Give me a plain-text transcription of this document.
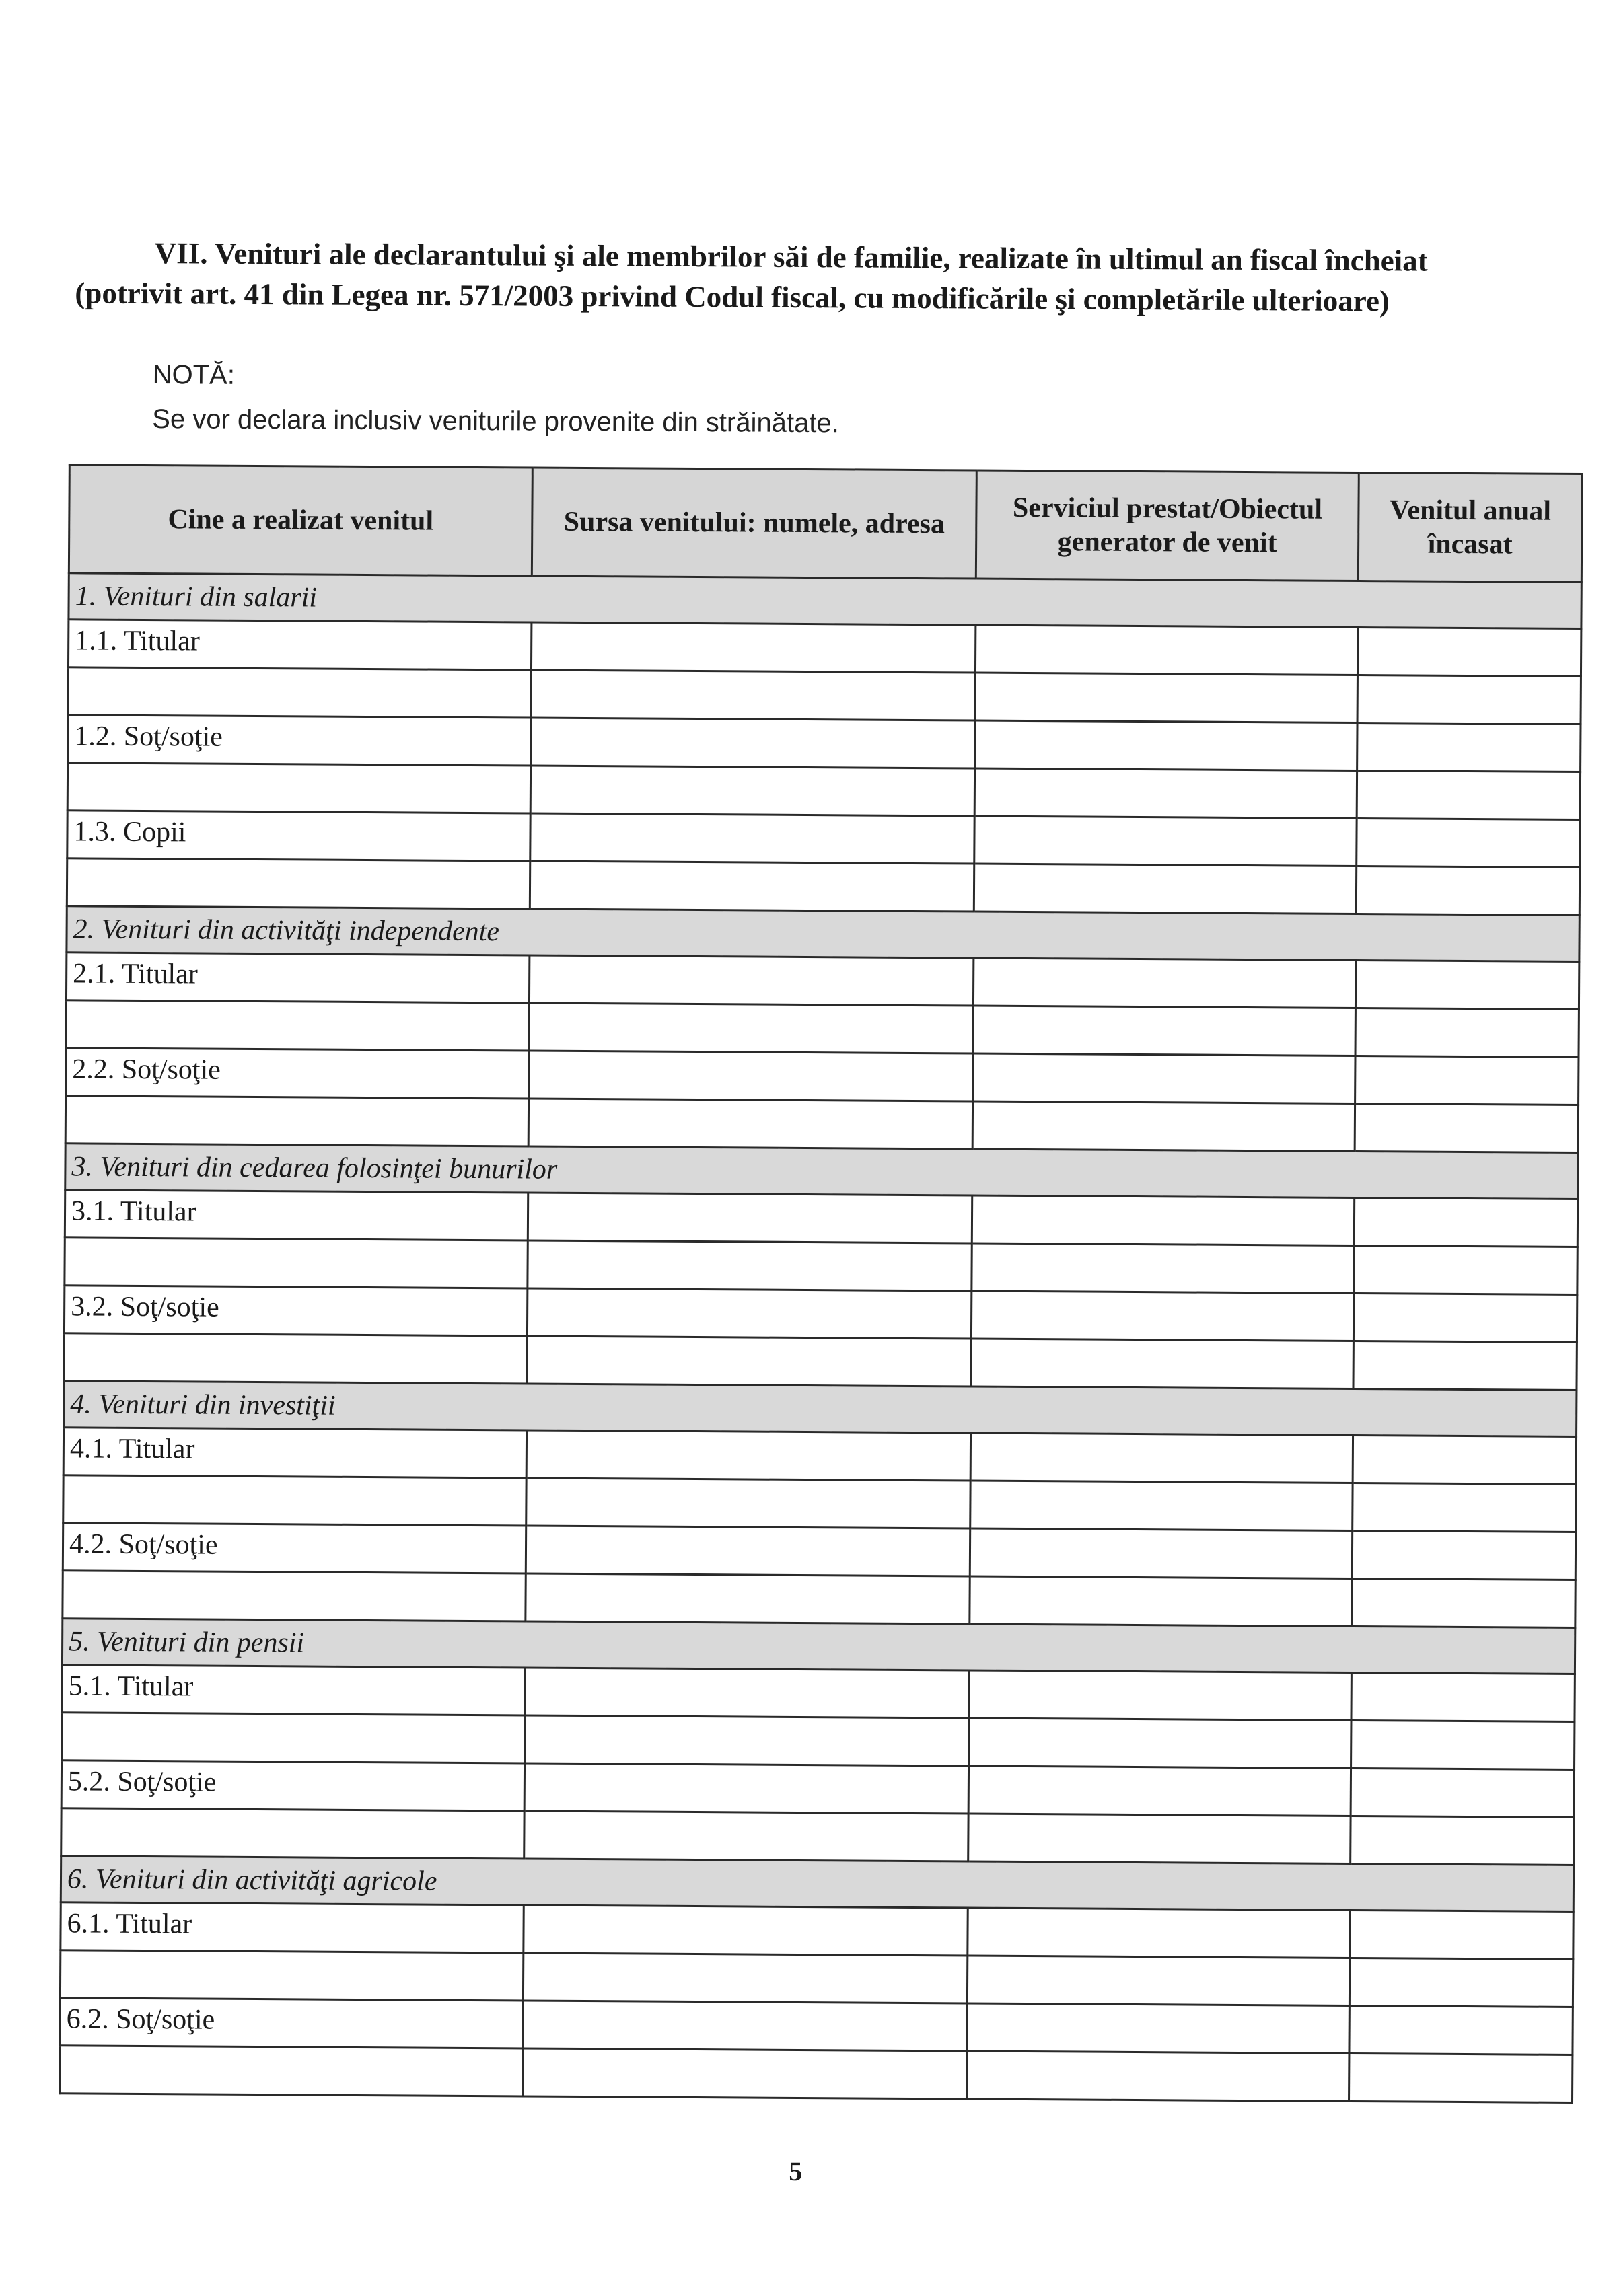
VII. Venituri ale declarantului şi ale membrilor săi de familie, realizate în ultimul an fiscal încheiat
(potrivit art. 41 din Legea nr. 571/2003 privind Codul fiscal, cu modificările şi completările ulterioare)
NOTĂ:
Se vor declara inclusiv veniturile provenite din străinătate.
Cine a realizat venitul	Sursa venitului: numele, adresa	Serviciul prestat/Obiectul generator de venit	Venitul anual încasat
1. Venituri din salarii			
1.1. Titular			

1.2. Soţ/soţie			

1.3. Copii			

2. Venituri din activităţi independente			
2.1. Titular			

2.2. Soţ/soţie			

3. Venituri din cedarea folosinţei bunurilor			
3.1. Titular			

3.2. Soţ/soţie			

4. Venituri din investiţii			
4.1. Titular			

4.2. Soţ/soţie			

5. Venituri din pensii			
5.1. Titular			

5.2. Soţ/soţie			

6. Venituri din activităţi agricole			
6.1. Titular			

6.2. Soţ/soţie			

5
